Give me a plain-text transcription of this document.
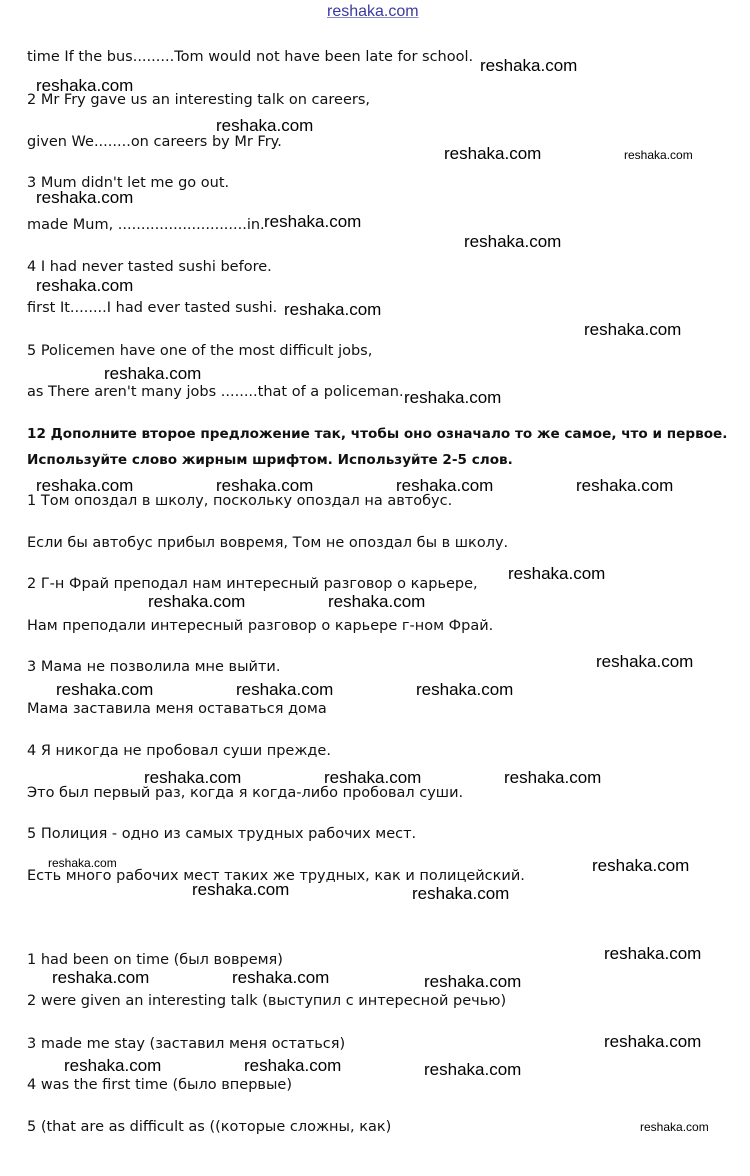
reshaka.com
time If the bus.........Tom would not have been late for school.
2 Mr Fry gave us an interesting talk on careers,
given We........on careers by Mr Fry.
3 Mum didn't let me go out.
made Mum, ............................in.
4 I had never tasted sushi before.
first It........I had ever tasted sushi.
5 Policemen have one of the most difficult jobs,
as There aren't many jobs ........that of a policeman.
12 Дополните второе предложение так, чтобы оно означало то же самое, что и первое.
Используйте слово жирным шрифтом. Используйте 2-5 слов.
1 Том опоздал в школу, поскольку опоздал на автобус.
Если бы автобус прибыл вовремя, Том не опоздал бы в школу.
2 Г-н Фрай преподал нам интересный разговор о карьере,
Нам преподали интересный разговор о карьере г-ном Фрай.
3 Мама не позволила мне выйти.
Мама заставила меня оставаться дома
4 Я никогда не пробовал суши прежде.
Это был первый раз, когда я когда-либо пробовал суши.
5 Полиция - одно из самых трудных рабочих мест.
Есть много рабочих мест таких же трудных, как и полицейский.
1 had been on time (был вовремя)
2 were given an interesting talk (выступил с интересной речью)
3 made me stay (заставил меня остаться)
4 was the first time (было впервые)
5 (that are as difficult as ((которые сложны, как)
reshaka.com
reshaka.com
reshaka.com
reshaka.com	reshaka.com
reshaka.com
reshaka.com
reshaka.com
reshaka.com
reshaka.com
reshaka.com
reshaka.com
reshaka.com
reshaka.com	reshaka.com	reshaka.com	reshaka.com
reshaka.com
reshaka.com	reshaka.com
reshaka.com
reshaka.com	reshaka.com	reshaka.com
reshaka.com	reshaka.com	reshaka.com
reshaka.com	reshaka.com
reshaka.com	reshaka.com
reshaka.com
reshaka.com	reshaka.com	reshaka.com
reshaka.com
reshaka.com	reshaka.com	reshaka.com
reshaka.com
